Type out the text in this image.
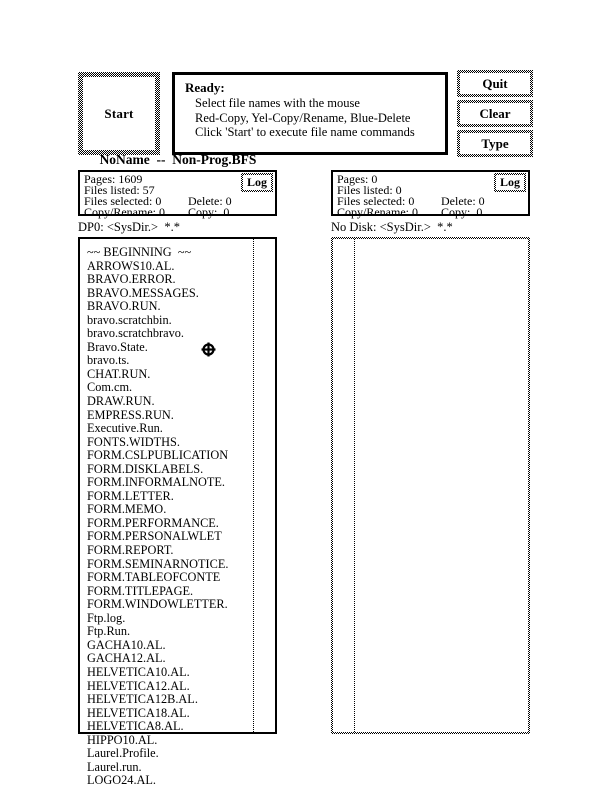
Start
Ready:
Select file names with the mouse
Red-Copy, Yel-Copy/Rename, Blue-Delete
Click 'Start' to execute file name commands
Quit
Clear
Type
NoName  --  Non-Prog.BFS
Pages: 1609
Files listed: 57
Files selected: 0	Delete: 0
Copy/Rename: 0	Copy: 0
Log	Pages: 0
Files listed: 0
Files selected: 0	Delete: 0
Copy/Rename: 0	Copy: 0
Log
DP0: <SysDir.>  *.*	No Disk: <SysDir.>  *.*
~~ BEGINNING  ~~
ARROWS10.AL.
BRAVO.ERROR.
BRAVO.MESSAGES.
BRAVO.RUN.
bravo.scratchbin.
bravo.scratchbravo.
Bravo.State.
bravo.ts.
CHAT.RUN.
Com.cm.
DRAW.RUN.
EMPRESS.RUN.
Executive.Run.
FONTS.WIDTHS.
FORM.CSLPUBLICATION
FORM.DISKLABELS.
FORM.INFORMALNOTE.
FORM.LETTER.
FORM.MEMO.
FORM.PERFORMANCE.
FORM.PERSONALWLET
FORM.REPORT.
FORM.SEMINARNOTICE.
FORM.TABLEOFCONTE
FORM.TITLEPAGE.
FORM.WINDOWLETTER.
Ftp.log.
Ftp.Run.
GACHA10.AL.
GACHA12.AL.
HELVETICA10.AL.
HELVETICA12.AL.
HELVETICA12B.AL.
HELVETICA18.AL.
HELVETICA8.AL.
HIPPO10.AL.
Laurel.Profile.
Laurel.run.
LOGO24.AL.
